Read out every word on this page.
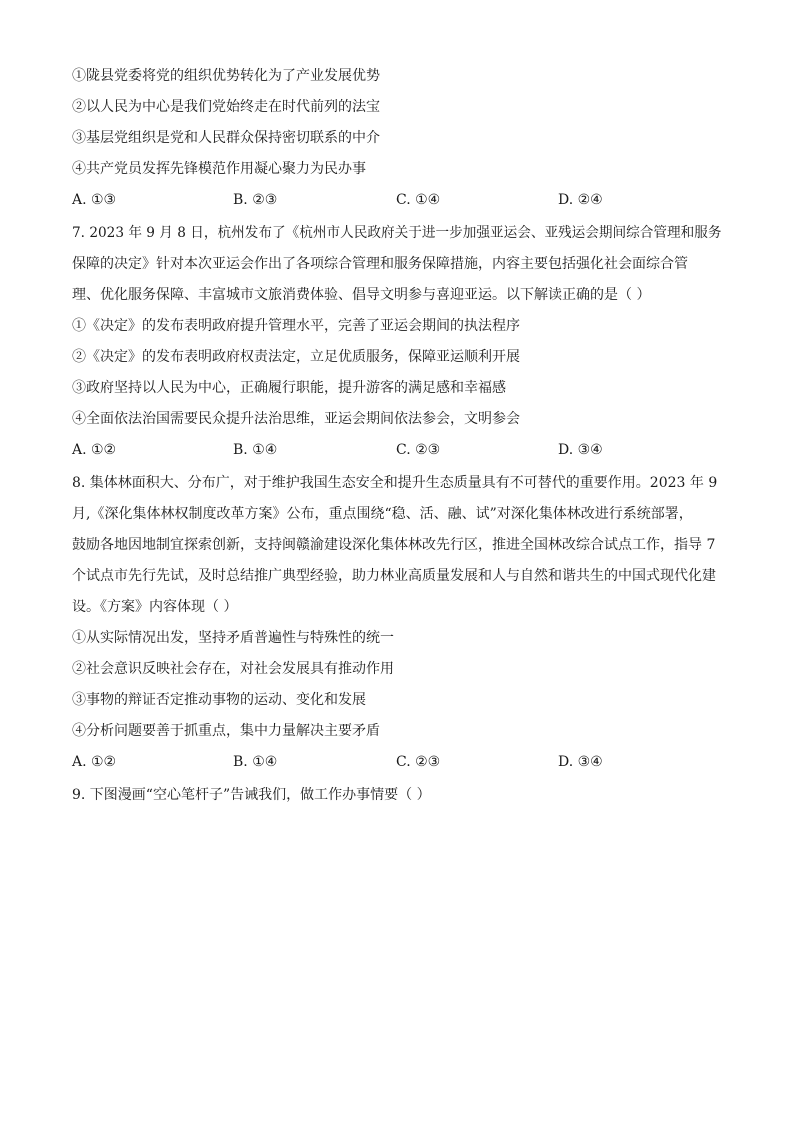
①陇县党委将党的组织优势转化为了产业发展优势
②以人民为中心是我们党始终走在时代前列的法宝
③基层党组织是党和人民群众保持密切联系的中介
④共产党员发挥先锋模范作用凝心聚力为民办事
A. ①③	B. ②③	C. ①④	D. ②④
7. 2023 年 9 月 8 日，杭州发布了《杭州市人民政府关于进一步加强亚运会、亚残运会期间综合管理和服务
保障的决定》针对本次亚运会作出了各项综合管理和服务保障措施，内容主要包括强化社会面综合管
理、优化服务保障、丰富城市文旅消费体验、倡导文明参与喜迎亚运。以下解读正确的是（ ）
①《决定》的发布表明政府提升管理水平，完善了亚运会期间的执法程序
②《决定》的发布表明政府权责法定，立足优质服务，保障亚运顺利开展
③政府坚持以人民为中心，正确履行职能，提升游客的满足感和幸福感
④全面依法治国需要民众提升法治思维，亚运会期间依法参会，文明参会
A. ①②	B. ①④	C. ②③	D. ③④
8. 集体林面积大、分布广，对于维护我国生态安全和提升生态质量具有不可替代的重要作用。2023 年 9
月,《深化集体林权制度改革方案》公布，重点围绕“稳、活、融、试”对深化集体林改进行系统部署，
鼓励各地因地制宜探索创新，支持闽赣渝建设深化集体林改先行区，推进全国林改综合试点工作，指导 7
个试点市先行先试，及时总结推广典型经验，助力林业高质量发展和人与自然和谐共生的中国式现代化建
设。《方案》内容体现（ ）
①从实际情况出发，坚持矛盾普遍性与特殊性的统一
②社会意识反映社会存在，对社会发展具有推动作用
③事物的辩证否定推动事物的运动、变化和发展
④分析问题要善于抓重点，集中力量解决主要矛盾
A. ①②	B. ①④	C. ②③	D. ③④
9. 下图漫画“空心笔杆子”告诫我们，做工作办事情要（ ）
